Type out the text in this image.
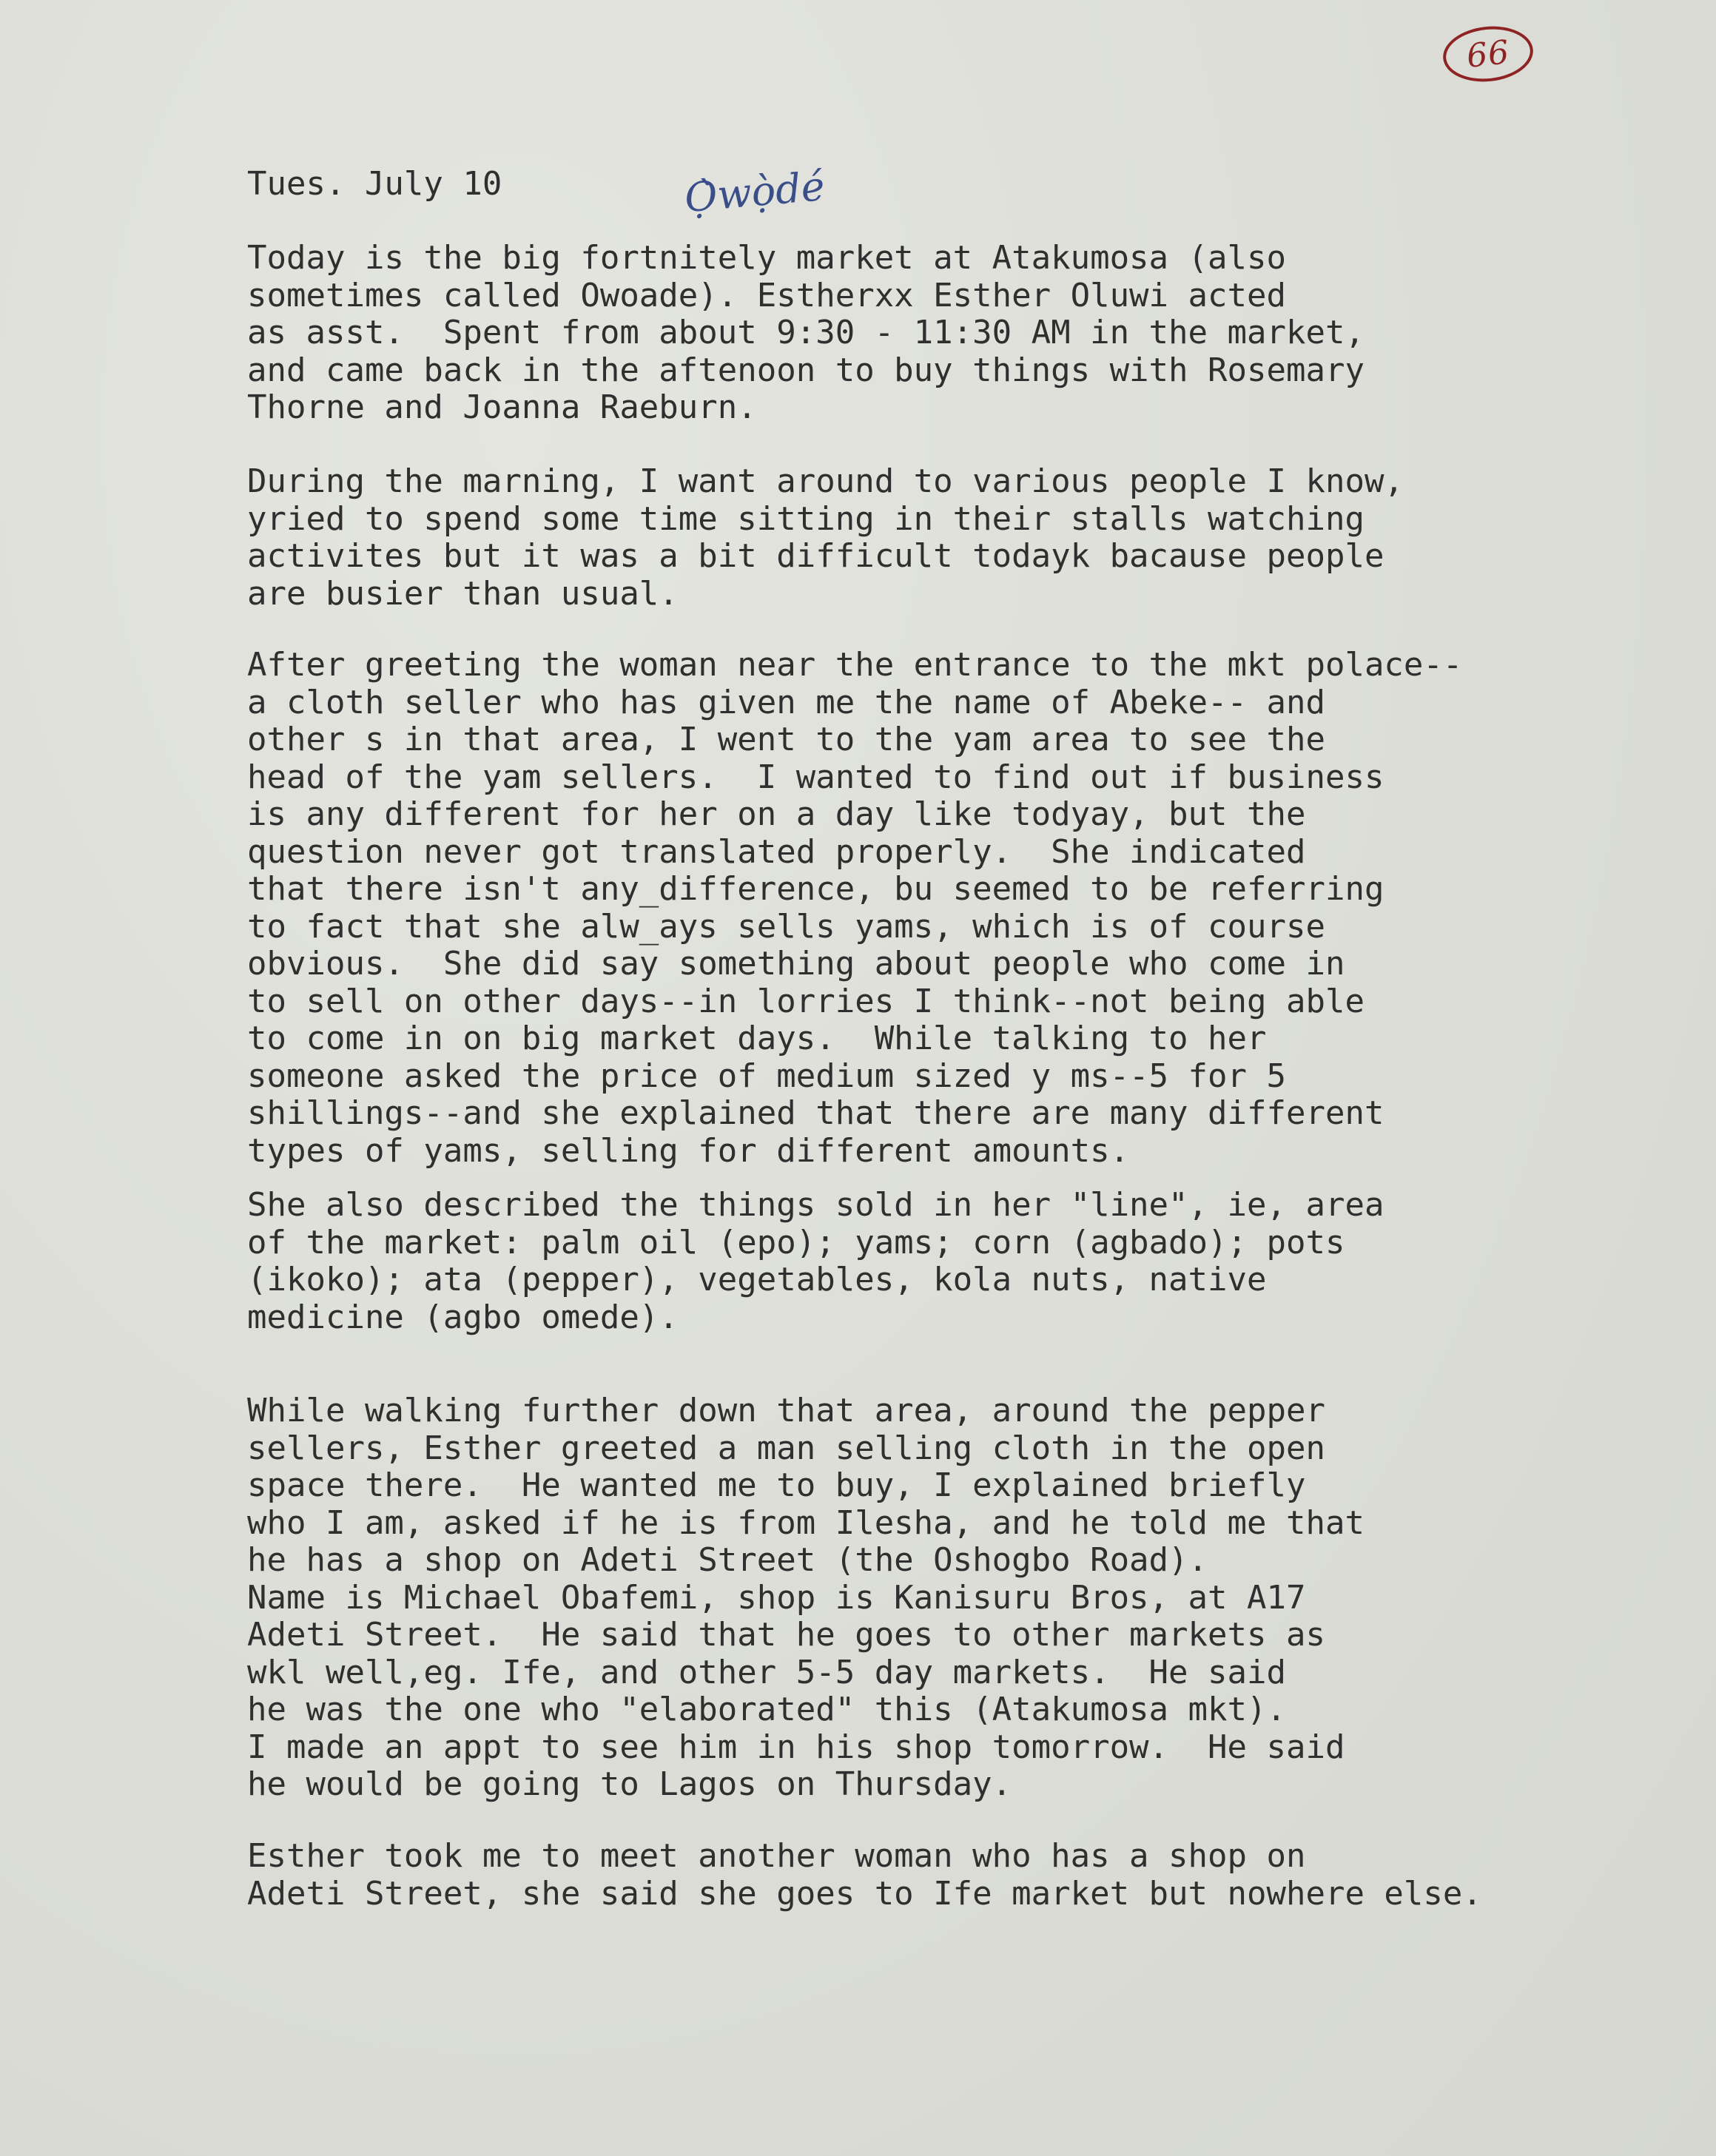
66
Ọ̀wọ̀dé

Tues. July 10

Today is the big fortnitely market at Atakumosa (also
sometimes called Owoade). Estherxx Esther Oluwi acted
as asst.  Spent from about 9:30 - 11:30 AM in the market,
and came back in the aftenoon to buy things with Rosemary
Thorne and Joanna Raeburn.

During the marning, I want around to various people I know,
yried to spend some time sitting in their stalls watching
activites but it was a bit difficult todayk bacause people
are busier than usual.

After greeting the woman near the entrance to the mkt polace--
a cloth seller who has given me the name of Abeke-- and
other s in that area, I went to the yam area to see the
head of the yam sellers.  I wanted to find out if business
is any different for her on a day like todyay, but the
question never got translated properly.  She indicated
that there isn't any_difference, bu seemed to be referring
to fact that she alw_ays sells yams, which is of course
obvious.  She did say something about people who come in
to sell on other days--in lorries I think--not being able
to come in on big market days.  While talking to her
someone asked the price of medium sized y ms--5 for 5
shillings--and she explained that there are many different
types of yams, selling for different amounts.

She also described the things sold in her "line", ie, area
of the market: palm oil (epo); yams; corn (agbado); pots
(ikoko); ata (pepper), vegetables, kola nuts, native
medicine (agbo omede).

While walking further down that area, around the pepper
sellers, Esther greeted a man selling cloth in the open
space there.  He wanted me to buy, I explained briefly
who I am, asked if he is from Ilesha, and he told me that
he has a shop on Adeti Street (the Oshogbo Road).
Name is Michael Obafemi, shop is Kanisuru Bros, at A17
Adeti Street.  He said that he goes to other markets as
wkl well,eg. Ife, and other 5-5 day markets.  He said
he was the one who "elaborated" this (Atakumosa mkt).
I made an appt to see him in his shop tomorrow.  He said
he would be going to Lagos on Thursday.

Esther took me to meet another woman who has a shop on
Adeti Street, she said she goes to Ife market but nowhere else.
